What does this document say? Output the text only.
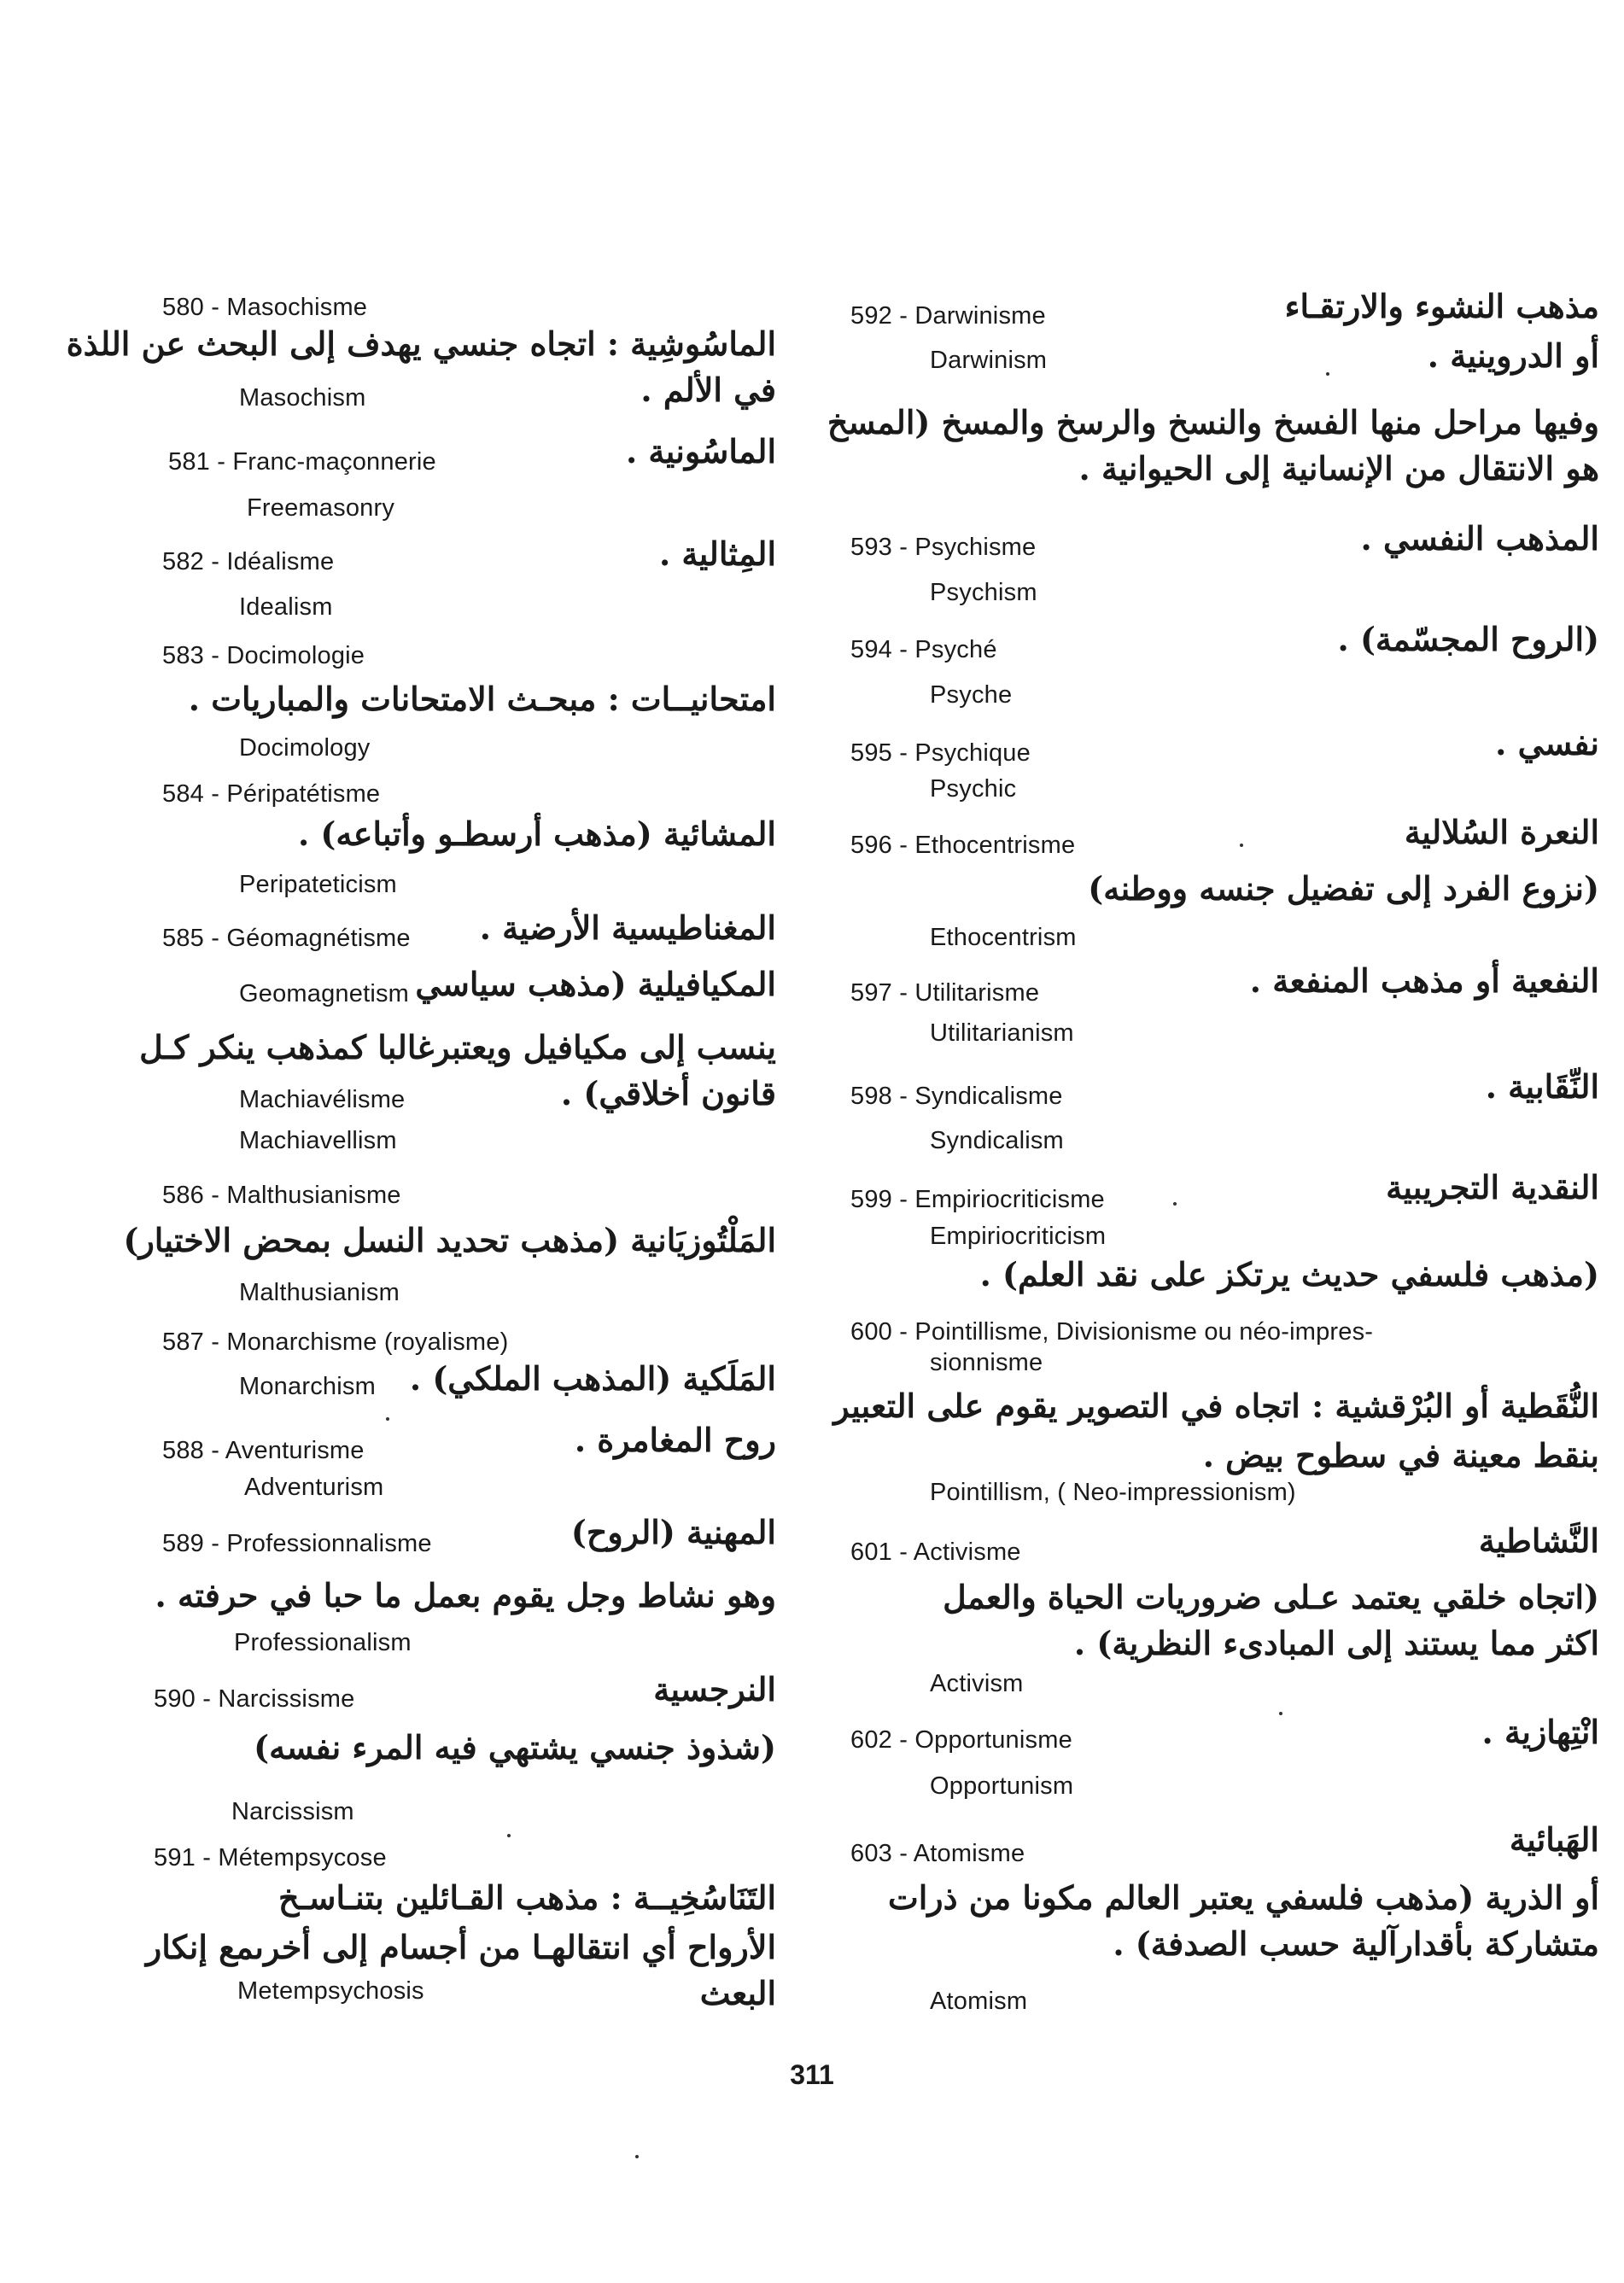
580 - Masochisme
الماسُوشِية : اتجاه جنسي يهدف إلى البحث عن اللذة
في الألم .
Masochism
581 - Franc-maçonnerie	الماسُونية .
Freemasonry
582 - Idéalisme	المِثالية .
Idealism
583 - Docimologie
امتحانيــات : مبحـث الامتحانات والمباريات .
Docimology
584 - Péripatétisme
المشائية (مذهب أرسطـو وأتباعه) .
Peripateticism
585 - Géomagnétisme	المغناطيسية الأرضية .
Geomagnetism المكيافيلية (مذهب سياسي
ينسب إلى مكيافيل ويعتبرغالبا كمذهب ينكر كـل
قانون أخلاقي) .
Machiavélisme
Machiavellism
586 - Malthusianisme
المَلْتُوزيَانية (مذهب تحديد النسل بمحض الاختيار)
Malthusianism
587 - Monarchisme (royalisme)
المَلَكية (المذهب الملكي) .
Monarchism
588 - Aventurisme	روح المغامرة .
Adventurism
589 - Professionnalisme	المهنية (الروح)
وهو نشاط وجل يقوم بعمل ما حبا في حرفته .
Professionalism
590 - Narcissisme	النرجسية
(شذوذ جنسي يشتهي فيه المرء نفسه)
Narcissism
591 - Métempsycose
التَنَاسُخِيــة : مذهب القـائلين بتنـاسـخ
الأرواح أي انتقالهـا من أجسام إلى أخرىمع إنكار
Metempsychosis	البعث
592 - Darwinisme	مذهب النشوء والارتقـاء
Darwinism	أو الدروينية .
وفيها مراحل منها الفسخ والنسخ والرسخ والمسخ (المسخ
هو الانتقال من الإنسانية إلى الحيوانية .
593 - Psychisme	المذهب النفسي .
Psychism
594 - Psyché	(الروح المجسّمة) .
Psyche
595 - Psychique	نفسي .
Psychic
596 - Ethocentrisme	النعرة السُلالية
(نزوع الفرد إلى تفضيل جنسه ووطنه)
Ethocentrism
597 - Utilitarisme	النفعية أو مذهب المنفعة .
Utilitarianism
598 - Syndicalisme	النِّقَابية .
Syndicalism
599 - Empiriocriticisme	النقدية التجريبية
Empiriocriticism
(مذهب فلسفي حديث يرتكز على نقد العلم) .
600 - Pointillisme, Divisionisme ou néo-impres-
sionnisme
النُّقَطية أو البُرْقشية : اتجاه في التصوير يقوم على التعبير
بنقط معينة في سطوح بيض .
Pointillism, ( Neo-impressionism)
601 - Activisme	النَّشاطية
(اتجاه خلقي يعتمد عـلى ضروريات الحياة والعمل
اكثر مما يستند إلى المبادىء النظرية) .
Activism
602 - Opportunisme	انْتِهازية .
Opportunism
603 - Atomisme	الهَبائية
أو الذرية (مذهب فلسفي يعتبر العالم مكونا من ذرات
متشاركة بأقدارآلية حسب الصدفة) .
Atomism
311
